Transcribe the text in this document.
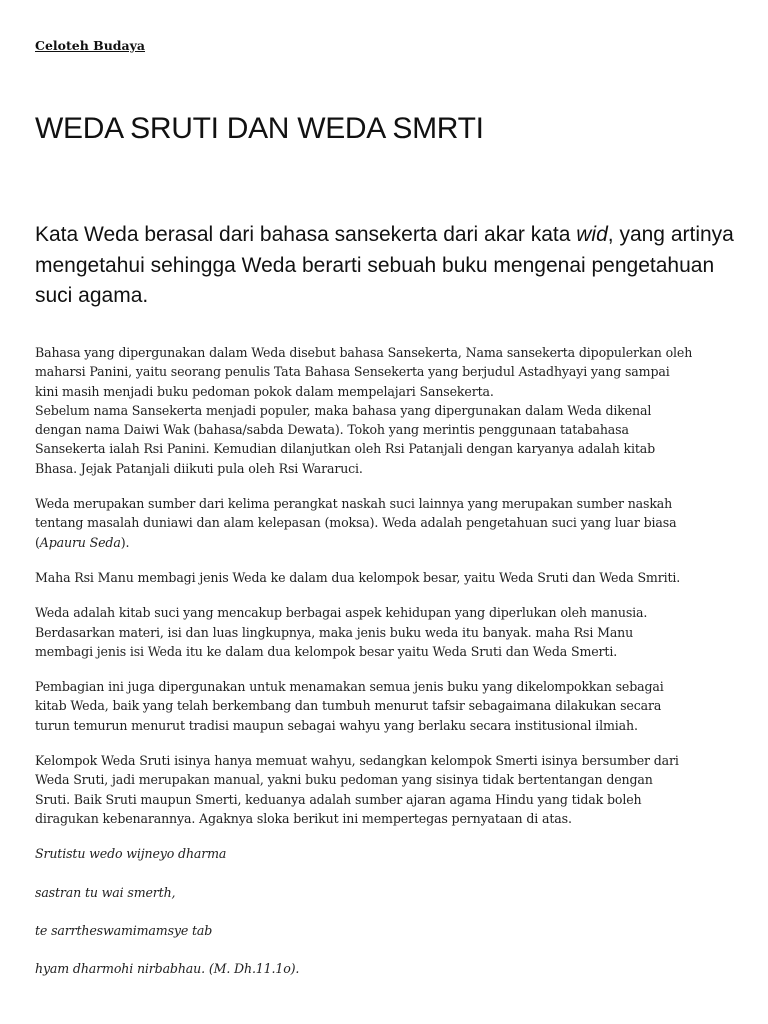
Celoteh Budaya
WEDA SRUTI DAN WEDA SMRTI

Kata Weda berasal dari bahasa sansekerta dari akar kata wid, yang artinya mengetahui sehingga Weda berarti sebuah buku mengenai pengetahuan suci agama.

Bahasa yang dipergunakan dalam Weda disebut bahasa Sansekerta, Nama sansekerta dipopulerkan oleh
maharsi Panini, yaitu seorang penulis Tata Bahasa Sensekerta yang berjudul Astadhyayi yang sampai
kini masih menjadi buku pedoman pokok dalam mempelajari Sansekerta.
Sebelum nama Sansekerta menjadi populer, maka bahasa yang dipergunakan dalam Weda dikenal
dengan nama Daiwi Wak (bahasa/sabda Dewata). Tokoh yang merintis penggunaan tatabahasa
Sansekerta ialah Rsi Panini. Kemudian dilanjutkan oleh Rsi Patanjali dengan karyanya adalah kitab
Bhasa. Jejak Patanjali diikuti pula oleh Rsi Wararuci.

Weda merupakan sumber dari kelima perangkat naskah suci lainnya yang merupakan sumber naskah
tentang masalah duniawi dan alam kelepasan (moksa). Weda adalah pengetahuan suci yang luar biasa
(Apauru Seda).

Maha Rsi Manu membagi jenis Weda ke dalam dua kelompok besar, yaitu Weda Sruti dan Weda Smriti.

Weda adalah kitab suci yang mencakup berbagai aspek kehidupan yang diperlukan oleh manusia.
Berdasarkan materi, isi dan luas lingkupnya, maka jenis buku weda itu banyak. maha Rsi Manu
membagi jenis isi Weda itu ke dalam dua kelompok besar yaitu Weda Sruti dan Weda Smerti.

Pembagian ini juga dipergunakan untuk menamakan semua jenis buku yang dikelompokkan sebagai
kitab Weda, baik yang telah berkembang dan tumbuh menurut tafsir sebagaimana dilakukan secara
turun temurun menurut tradisi maupun sebagai wahyu yang berlaku secara institusional ilmiah.

Kelompok Weda Sruti isinya hanya memuat wahyu, sedangkan kelompok Smerti isinya bersumber dari
Weda Sruti, jadi merupakan manual, yakni buku pedoman yang sisinya tidak bertentangan dengan
Sruti. Baik Sruti maupun Smerti, keduanya adalah sumber ajaran agama Hindu yang tidak boleh
diragukan kebenarannya. Agaknya sloka berikut ini mempertegas pernyataan di atas.

Srutistu wedo wijneyo dharma

sastran tu wai smerth,

te sarrtheswamimamsye tab

hyam dharmohi nirbabhau. (M. Dh.11.1o).
